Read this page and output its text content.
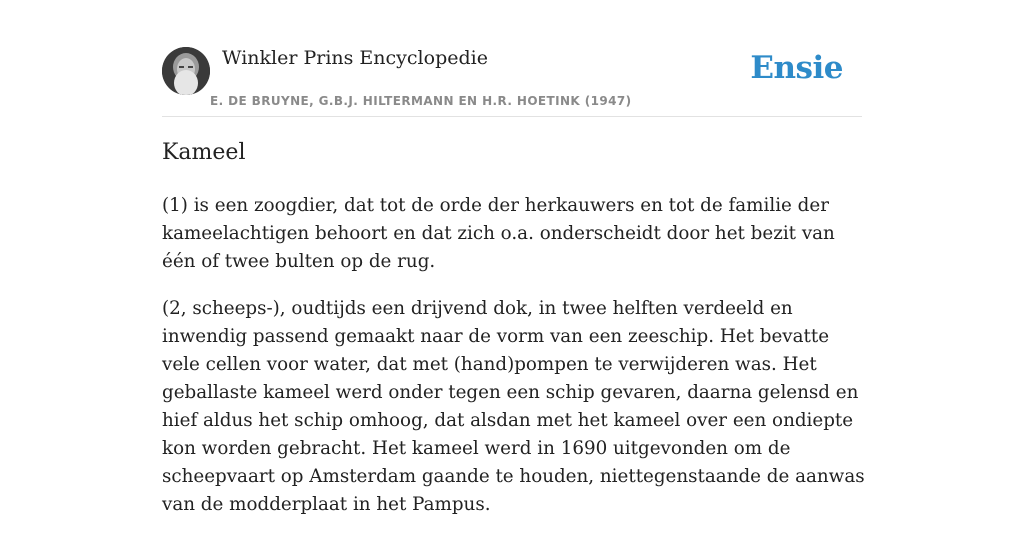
Winkler Prins Encyclopedie
E. DE BRUYNE, G.B.J. HILTERMANN EN H.R. HOETINK (1947)
Ensie
Kameel

(1) is een zoogdier, dat tot de orde der herkauwers en tot de familie der kameelachtigen behoort en dat zich o.a. onderscheidt door het bezit van één of twee bulten op de rug.

(2, scheeps-), oudtijds een drijvend dok, in twee helften verdeeld en inwendig passend gemaakt naar de vorm van een zeeschip. Het bevatte vele cellen voor water, dat met (hand)pompen te verwijderen was. Het geballaste kameel werd onder tegen een schip gevaren, daarna gelensd en hief aldus het schip omhoog, dat alsdan met het kameel over een ondiepte kon worden gebracht. Het kameel werd in 1690 uitgevonden om de scheepvaart op Amsterdam gaande te houden, niettegenstaande de aanwas van de modderplaat in het Pampus.
